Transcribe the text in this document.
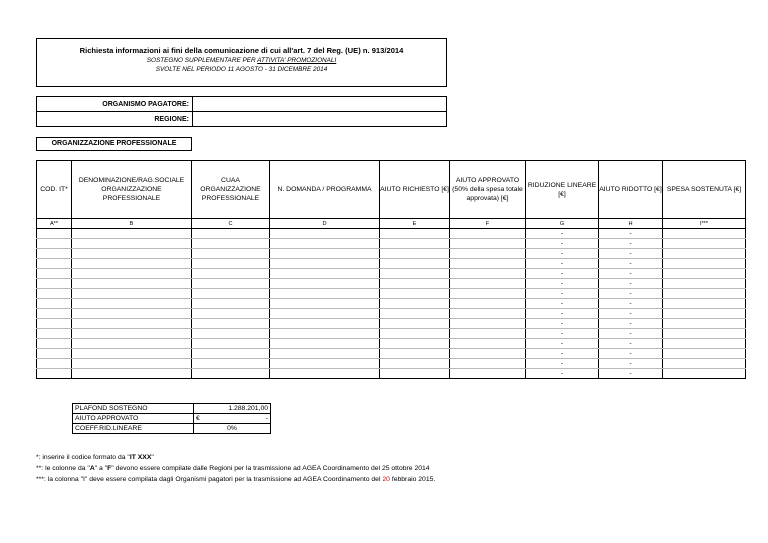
Richiesta informazioni ai fini della comunicazione di cui all'art. 7 del Reg. (UE) n. 913/2014
SOSTEGNO SUPPLEMENTARE PER ATTIVITA' PROMOZIONALI
SVOLTE NEL PERIODO 11 AGOSTO - 31 DICEMBRE 2014
ORGANISMO PAGATORE:	
REGIONE:	
ORGANIZZAZIONE PROFESSIONALE
COD. IT*	DENOMINAZIONE/RAG.SOCIALE ORGANIZZAZIONE PROFESSIONALE	CUAA ORGANIZZAZIONE PROFESSIONALE	N. DOMANDA / PROGRAMMA	AIUTO RICHIESTO [€]	AIUTO APPROVATO (50% della spesa totale approvata) [€]	RIDUZIONE LINEARE [€]	AIUTO RIDOTTO [€]	SPESA SOSTENUTA [€]
A**	B	C	D	E	F	G	H	I***
						-	-	
						-	-	
						-	-	
						-	-	
						-	-	
						-	-	
						-	-	
						-	-	
						-	-	
						-	-	
						-	-	
						-	-	
						-	-	
						-	-	
						-	-	
PLAFOND SOSTEGNO	1.288.201,00
AIUTO APPROVATO	€ -
COEFF.RID.LINEARE	0%
*: inserire il codice formato da "IT XXX"
**: le colonne da "A" a "F" devono essere compilate dalle Regioni per la trasmissione ad AGEA Coordinamento del 25 ottobre 2014
***: la colonna "I" deve essere compilata dagli Organismi pagatori per la trasmissione ad AGEA Coordinamento del 20 febbraio 2015.
